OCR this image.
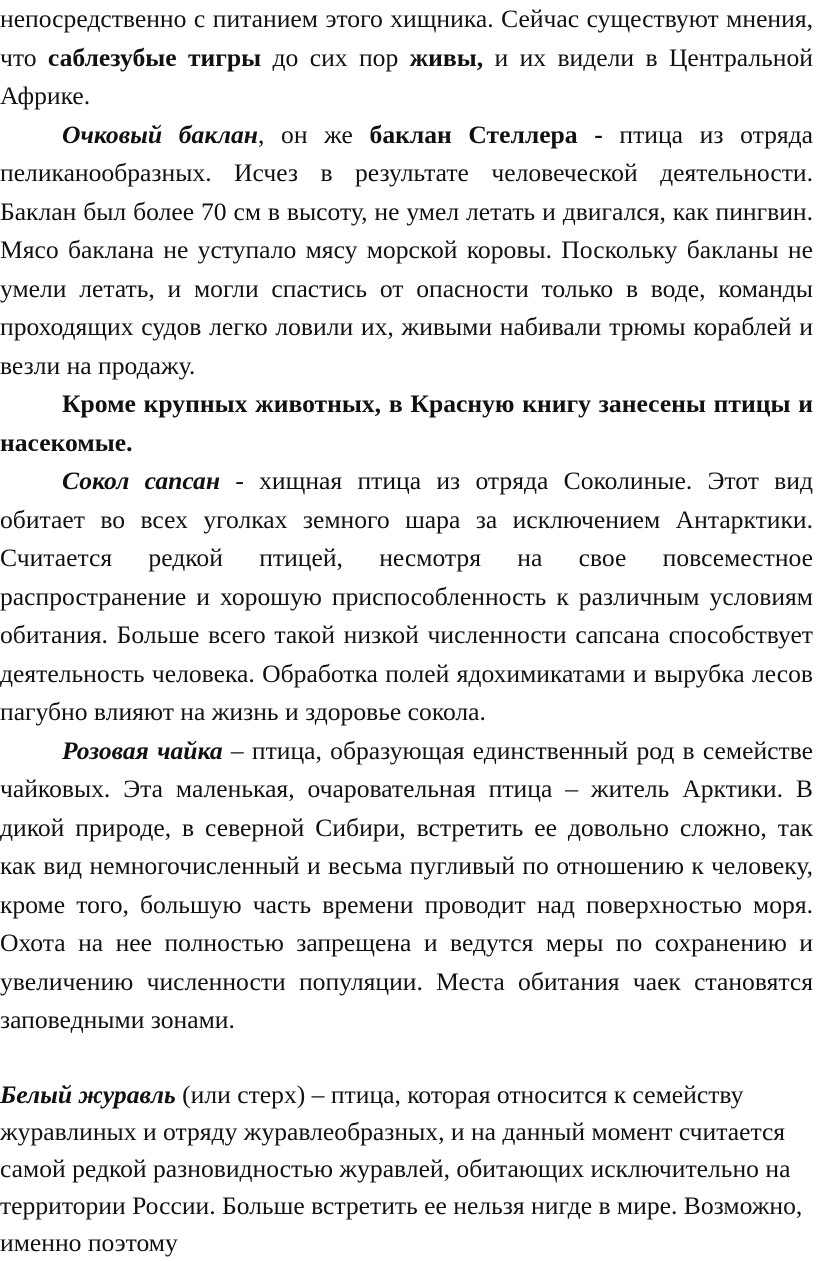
непосредственно с питанием этого хищника. Сейчас существуют мнения, что саблезубые тигры до сих пор живы, и их видели в Центральной Африке.

Очковый баклан, он же баклан Стеллера - птица из отряда пеликанообразных. Исчез в результате человеческой деятельности. Баклан был более 70 см в высоту, не умел летать и двигался, как пингвин. Мясо баклана не уступало мясу морской коровы. Поскольку бакланы не умели летать, и могли спастись от опасности только в воде, команды проходящих судов легко ловили их, живыми набивали трюмы кораблей и везли на продажу.

Кроме крупных животных, в Красную книгу занесены птицы и насекомые.

Сокол сапсан - хищная птица из отряда Соколиные. Этот вид обитает во всех уголках земного шара за исключением Антарктики. Считается редкой птицей, несмотря на свое повсеместное распространение и хорошую приспособленность к различным условиям обитания. Больше всего такой низкой численности сапсана способствует деятельность человека. Обработка полей ядохимикатами и вырубка лесов пагубно влияют на жизнь и здоровье сокола.

Розовая чайка – птица, образующая единственный род в семействе чайковых. Эта маленькая, очаровательная птица – житель Арктики. В дикой природе, в северной Сибири, встретить ее довольно сложно, так как вид немногочисленный и весьма пугливый по отношению к человеку, кроме того, большую часть времени проводит над поверхностью моря. Охота на нее полностью запрещена и ведутся меры по сохранению и увеличению численности популяции. Места обитания чаек становятся заповедными зонами.

Белый журавль (или стерх) – птица, которая относится к семейству журавлиных и отряду журавлеобразных, и на данный момент считается самой редкой разновидностью журавлей, обитающих исключительно на территории России. Больше встретить ее нельзя нигде в мире. Возможно, именно поэтому
